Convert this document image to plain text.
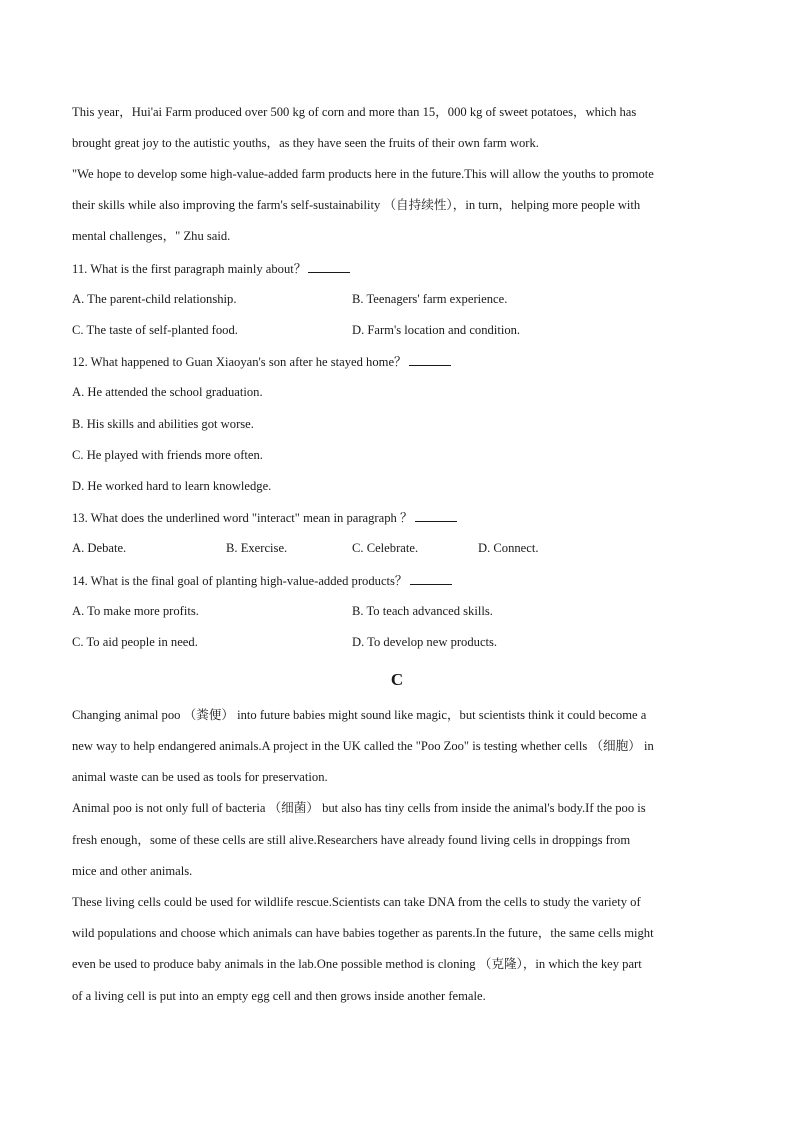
This year，Hui'ai Farm produced over 500 kg of corn and more than 15，000 kg of sweet potatoes，which has
brought great joy to the autistic youths，as they have seen the fruits of their own farm work.
"We hope to develop some high-value-added farm products here in the future.This will allow the youths to promote
their skills while also improving the farm's self-sustainability （自持续性），in turn，helping more people with
mental challenges，" Zhu said.
11. What is the first paragraph mainly about？
A. The parent-child relationship.	B. Teenagers' farm experience.
C. The taste of self-planted food.	D. Farm's location and condition.
12. What happened to Guan Xiaoyan's son after he stayed home？
A. He attended the school graduation.
B. His skills and abilities got worse.
C. He played with friends more often.
D. He worked hard to learn knowledge.
13. What does the underlined word "interact" mean in paragraph ？
A. Debate.	B. Exercise.	C. Celebrate.	D. Connect.
14. What is the final goal of planting high-value-added products？
A. To make more profits.	B. To teach advanced skills.
C. To aid people in need.	D. To develop new products.
C
Changing animal poo （粪便） into future babies might sound like magic，but scientists think it could become a
new way to help endangered animals.A project in the UK called the "Poo Zoo" is testing whether cells （细胞） in
animal waste can be used as tools for preservation.
Animal poo is not only full of bacteria （细菌） but also has tiny cells from inside the animal's body.If the poo is
fresh enough，some of these cells are still alive.Researchers have already found living cells in droppings from
mice and other animals.
These living cells could be used for wildlife rescue.Scientists can take DNA from the cells to study the variety of
wild populations and choose which animals can have babies together as parents.In the future，the same cells might
even be used to produce baby animals in the lab.One possible method is cloning （克隆），in which the key part
of a living cell is put into an empty egg cell and then grows inside another female.
